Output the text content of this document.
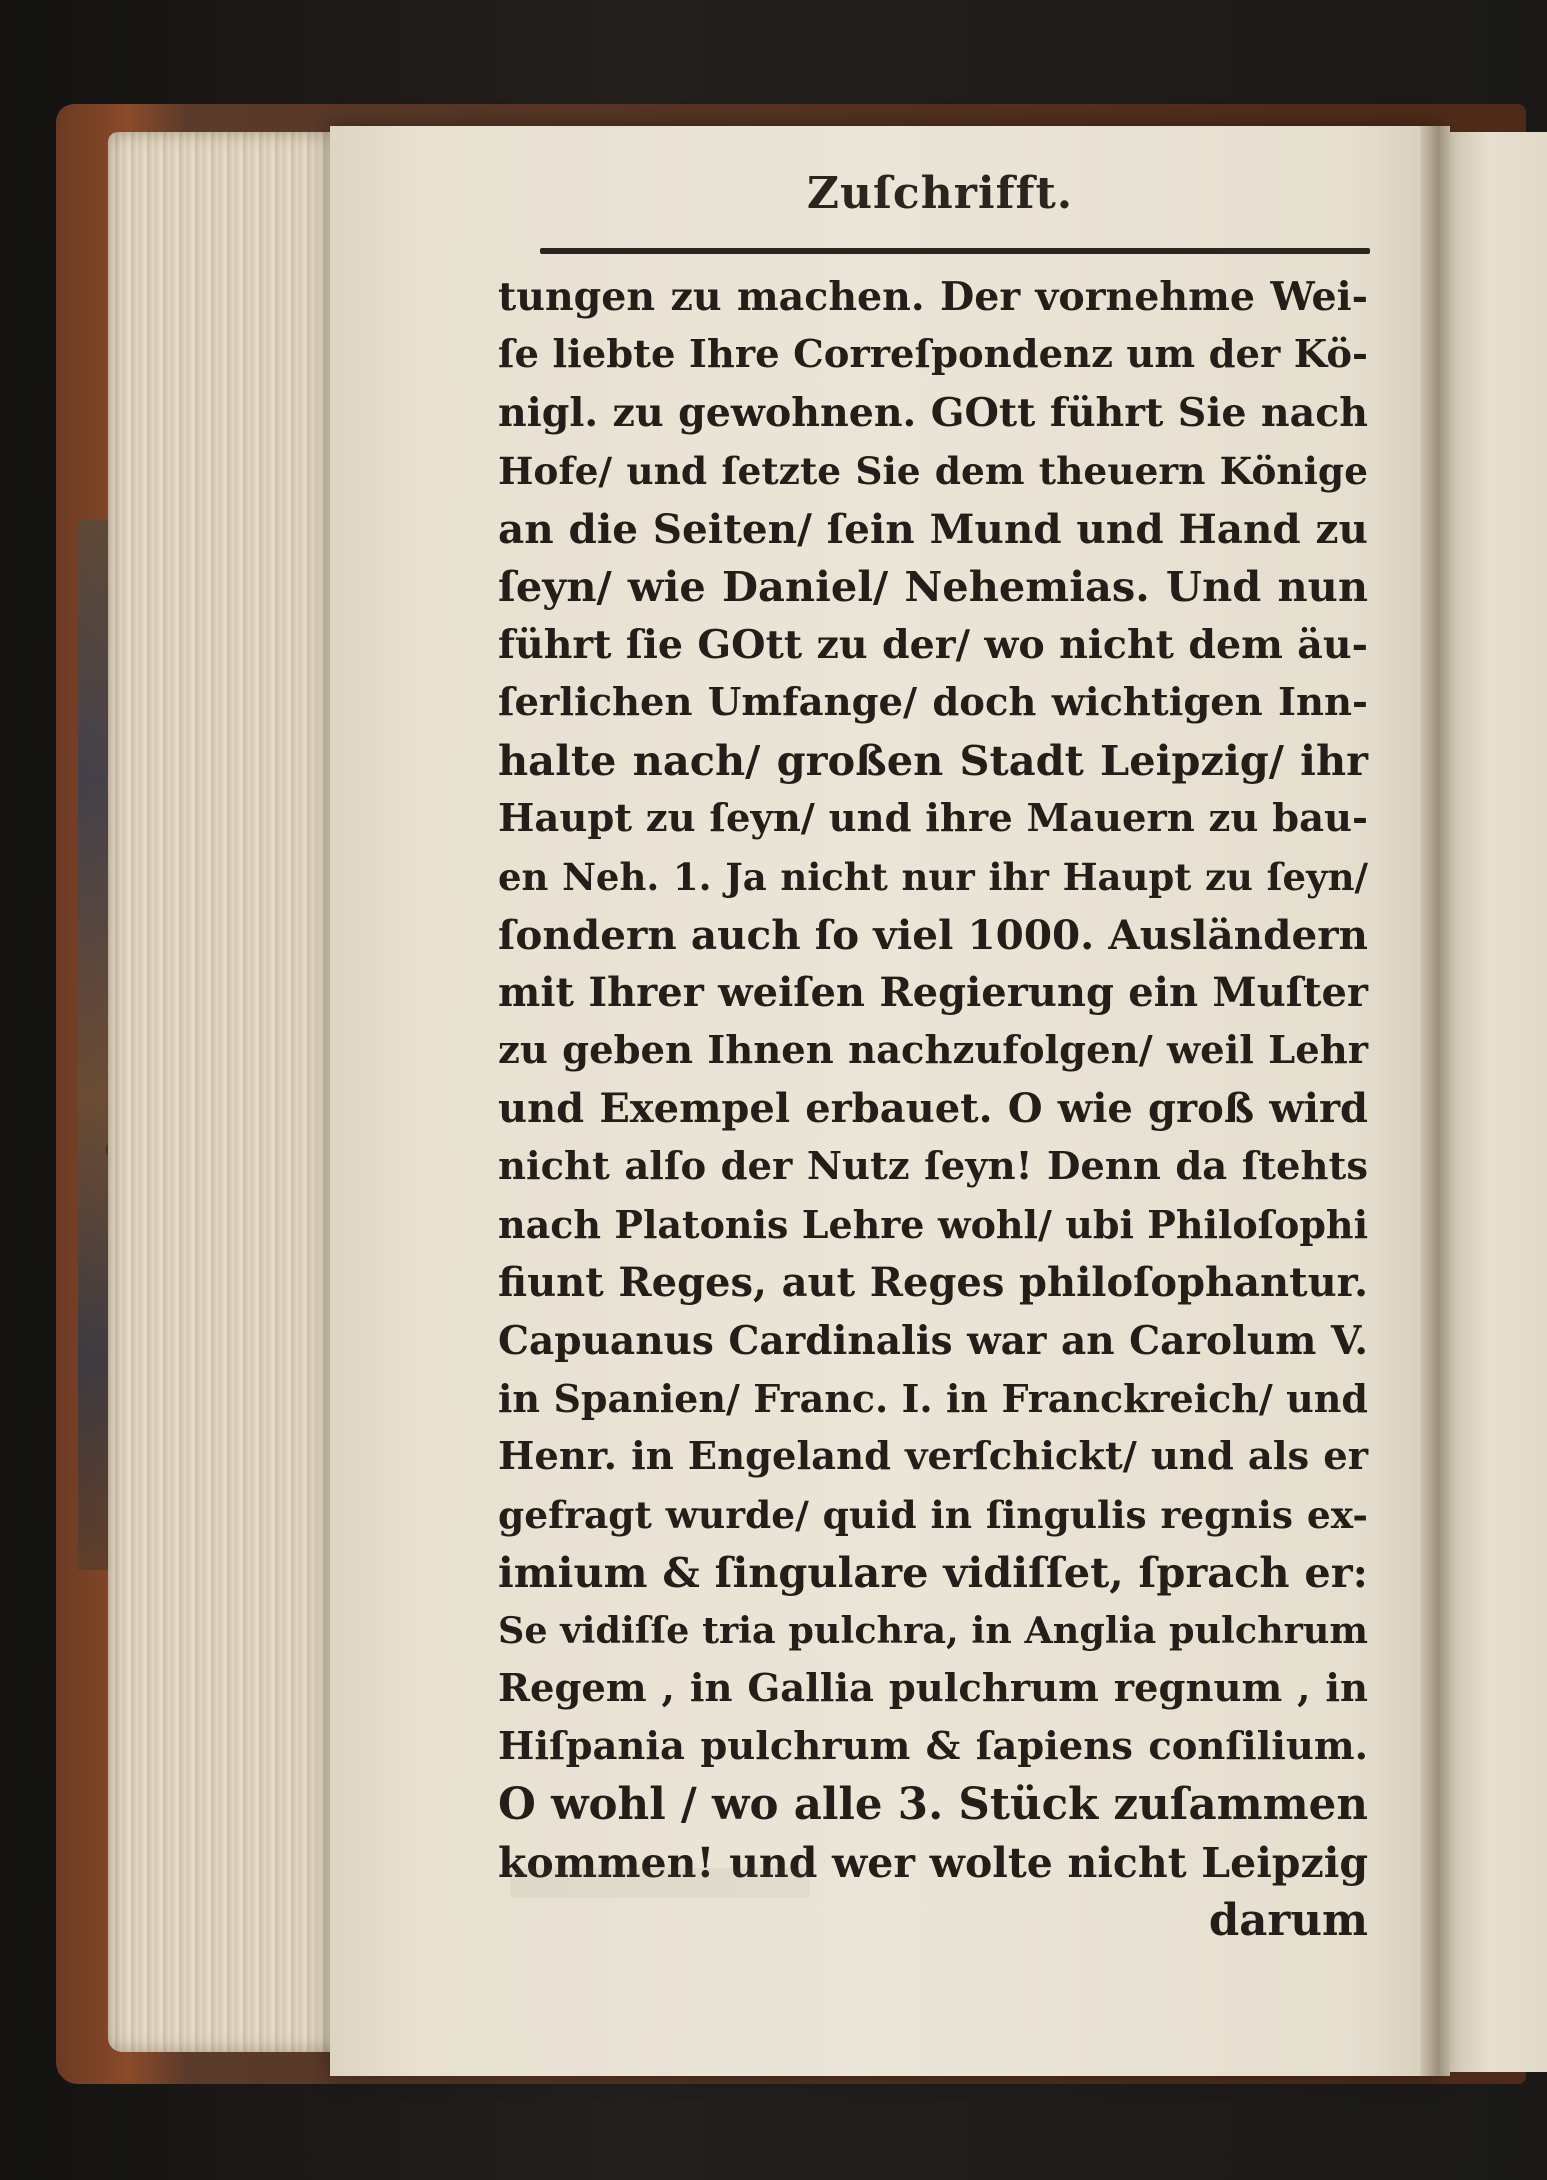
Zuſchrifft.
tungen zu machen. Der vornehme Wei-
ſe liebte Ihre Correſpondenz um der Kö-
nigl. zu gewohnen. GOtt führt Sie nach
Hofe/ und ſetzte Sie dem theuern Könige
an die Seiten/ ſein Mund und Hand zu
ſeyn/ wie Daniel/ Nehemias. Und nun
führt ſie GOtt zu der/ wo nicht dem äu-
ſerlichen Umfange/ doch wichtigen Inn-
halte nach/ großen Stadt Leipzig/ ihr
Haupt zu ſeyn/ und ihre Mauern zu bau-
en Neh. 1. Ja nicht nur ihr Haupt zu ſeyn/
ſondern auch ſo viel 1000. Ausländern
mit Ihrer weiſen Regierung ein Muſter
zu geben Ihnen nachzufolgen/ weil Lehr
und Exempel erbauet. O wie groß wird
nicht alſo der Nutz ſeyn! Denn da ſtehts
nach Platonis Lehre wohl/ ubi Philoſophi
fiunt Reges, aut Reges philoſophantur.
Capuanus Cardinalis war an Carolum V.
in Spanien/ Franc. I. in Franckreich/ und
Henr. in Engeland verſchickt/ und als er
gefragt wurde/ quid in ſingulis regnis ex-
imium & ſingulare vidiſſet, ſprach er:
Se vidiſſe tria pulchra, in Anglia pulchrum
Regem , in Gallia pulchrum regnum , in
Hiſpania pulchrum & ſapiens conſilium.
O wohl / wo alle 3. Stück zuſammen
kommen! und wer wolte nicht Leipzig
darum
